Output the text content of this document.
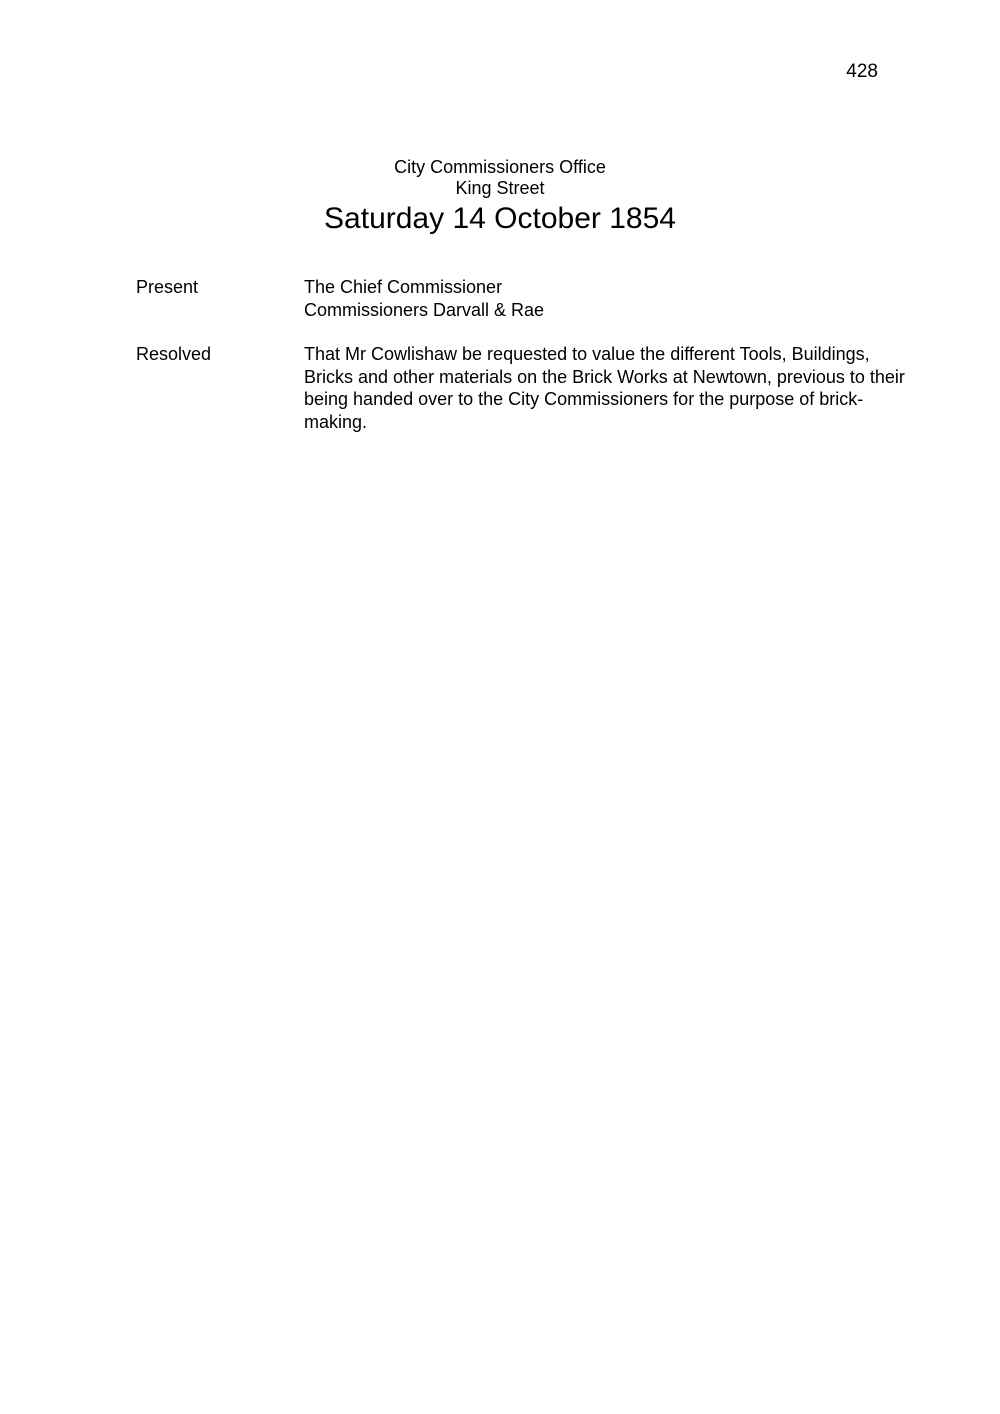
428
City Commissioners Office
King Street
Saturday 14 October 1854
Present	The Chief Commissioner
Commissioners Darvall & Rae
Resolved	That Mr Cowlishaw be requested to value the different Tools, Buildings,
Bricks and other materials on the Brick Works at Newtown, previous to their
being handed over to the City Commissioners for the purpose of brick-
making.
